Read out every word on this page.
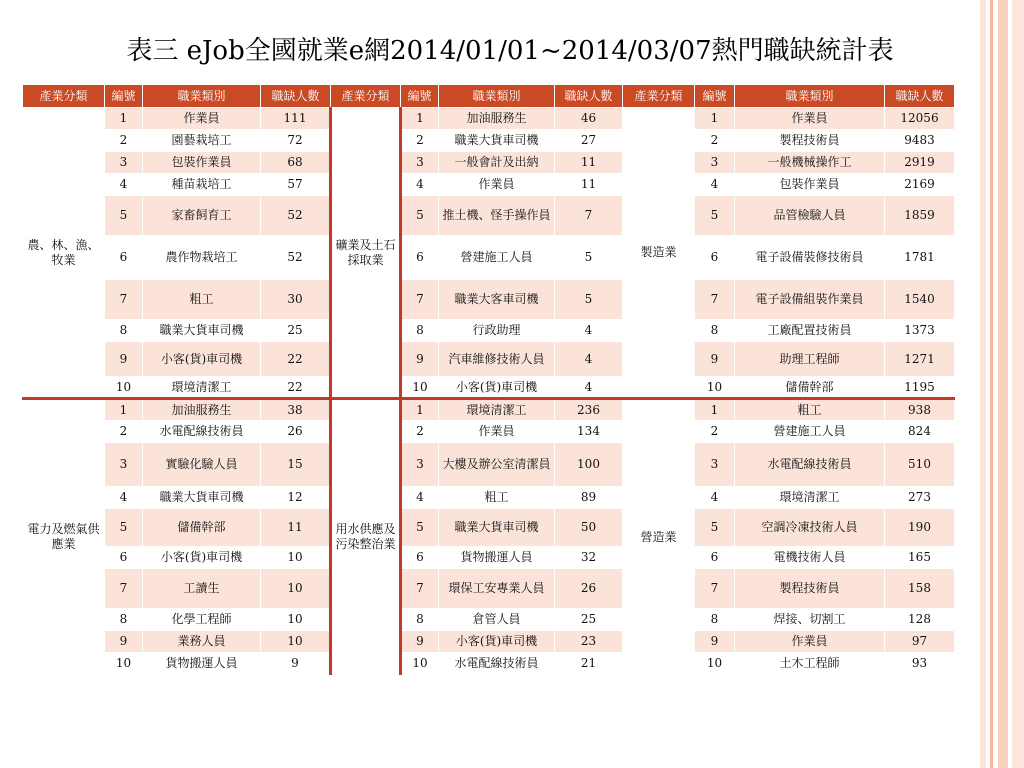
表三 eJob全國就業e網2014/01/01~2014/03/07熱門職缺統計表
產業分類	編號	職業類別	職缺人數	產業分類	編號	職業類別	職缺人數	產業分類	編號	職業類別	職缺人數
農、林、漁、牧業	1	作業員	111	礦業及土石採取業	1	加油服務生	46	製造業	1	作業員	12056
	2	園藝栽培工	72		2	職業大貨車司機	27		2	製程技術員	9483
	3	包裝作業員	68		3	一般會計及出納	11		3	一般機械操作工	2919
	4	種苗栽培工	57		4	作業員	11		4	包裝作業員	2169
	5	家畜飼育工	52		5	推土機、怪手操作員	7		5	品管檢驗人員	1859
	6	農作物栽培工	52		6	營建施工人員	5		6	電子設備裝修技術員	1781
	7	粗工	30		7	職業大客車司機	5		7	電子設備組裝作業員	1540
	8	職業大貨車司機	25		8	行政助理	4		8	工廠配置技術員	1373
	9	小客(貨)車司機	22		9	汽車維修技術人員	4		9	助理工程師	1271
	10	環境清潔工	22		10	小客(貨)車司機	4		10	儲備幹部	1195
電力及燃氣供應業	1	加油服務生	38	用水供應及污染整治業	1	環境清潔工	236	營造業	1	粗工	938
	2	水電配線技術員	26		2	作業員	134		2	營建施工人員	824
	3	實驗化驗人員	15		3	大樓及辦公室清潔員	100		3	水電配線技術員	510
	4	職業大貨車司機	12		4	粗工	89		4	環境清潔工	273
	5	儲備幹部	11		5	職業大貨車司機	50		5	空調冷凍技術人員	190
	6	小客(貨)車司機	10		6	貨物搬運人員	32		6	電機技術人員	165
	7	工讀生	10		7	環保工安專業人員	26		7	製程技術員	158
	8	化學工程師	10		8	倉管人員	25		8	焊接、切割工	128
	9	業務人員	10		9	小客(貨)車司機	23		9	作業員	97
	10	貨物搬運人員	9		10	水電配線技術員	21		10	土木工程師	93
